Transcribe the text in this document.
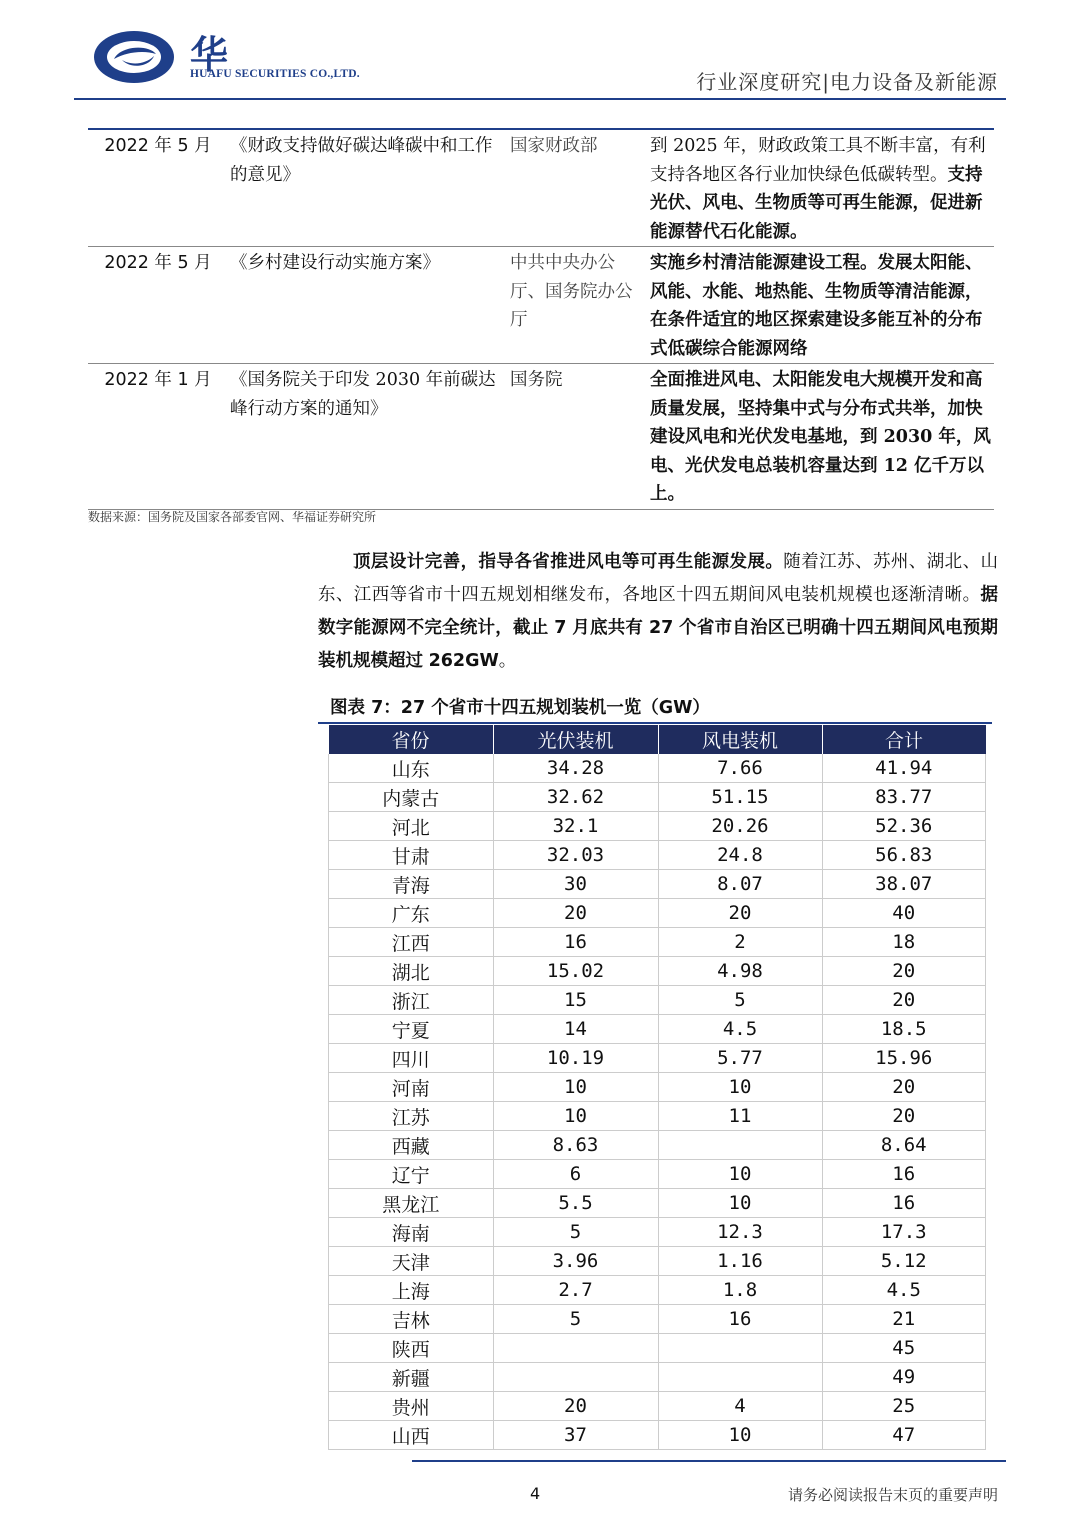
华
HUAFU SECURITIES CO.,LTD.	行业深度研究|电力设备及新能源
2022 年 5 月	《财政支持做好碳达峰碳中和工作的意见》	国家财政部	到 2025 年，财政政策工具不断丰富，有利支持各地区各行业加快绿色低碳转型。支持光伏、风电、生物质等可再生能源，促进新能源替代石化能源。
2022 年 5 月	《乡村建设行动实施方案》	中共中央办公厅、国务院办公厅	实施乡村清洁能源建设工程。发展太阳能、风能、水能、地热能、生物质等清洁能源，在条件适宜的地区探索建设多能互补的分布式低碳综合能源网络
2022 年 1 月	《国务院关于印发 2030 年前碳达峰行动方案的通知》	国务院	全面推进风电、太阳能发电大规模开发和高质量发展，坚持集中式与分布式共举，加快建设风电和光伏发电基地，到 2030 年，风电、光伏发电总装机容量达到 12 亿千万以上。
数据来源：国务院及国家各部委官网、华福证券研究所

顶层设计完善，指导各省推进风电等可再生能源发展。随着江苏、苏州、湖北、山东、江西等省市十四五规划相继发布，各地区十四五期间风电装机规模也逐渐清晰。据数字能源网不完全统计，截止 7 月底共有 27 个省市自治区已明确十四五期间风电预期装机规模超过 262GW。

图表 7：27 个省市十四五规划装机一览（GW）
省份	光伏装机	风电装机	合计
山东	34.28	7.66	41.94
内蒙古	32.62	51.15	83.77
河北	32.1	20.26	52.36
甘肃	32.03	24.8	56.83
青海	30	8.07	38.07
广东	20	20	40
江西	16	2	18
湖北	15.02	4.98	20
浙江	15	5	20
宁夏	14	4.5	18.5
四川	10.19	5.77	15.96
河南	10	10	20
江苏	10	11	20
西藏	8.63		8.64
辽宁	6	10	16
黑龙江	5.5	10	16
海南	5	12.3	17.3
天津	3.96	1.16	5.12
上海	2.7	1.8	4.5
吉林	5	16	21
陕西			45
新疆			49
贵州	20	4	25
山西	37	10	47
4	请务必阅读报告末页的重要声明
